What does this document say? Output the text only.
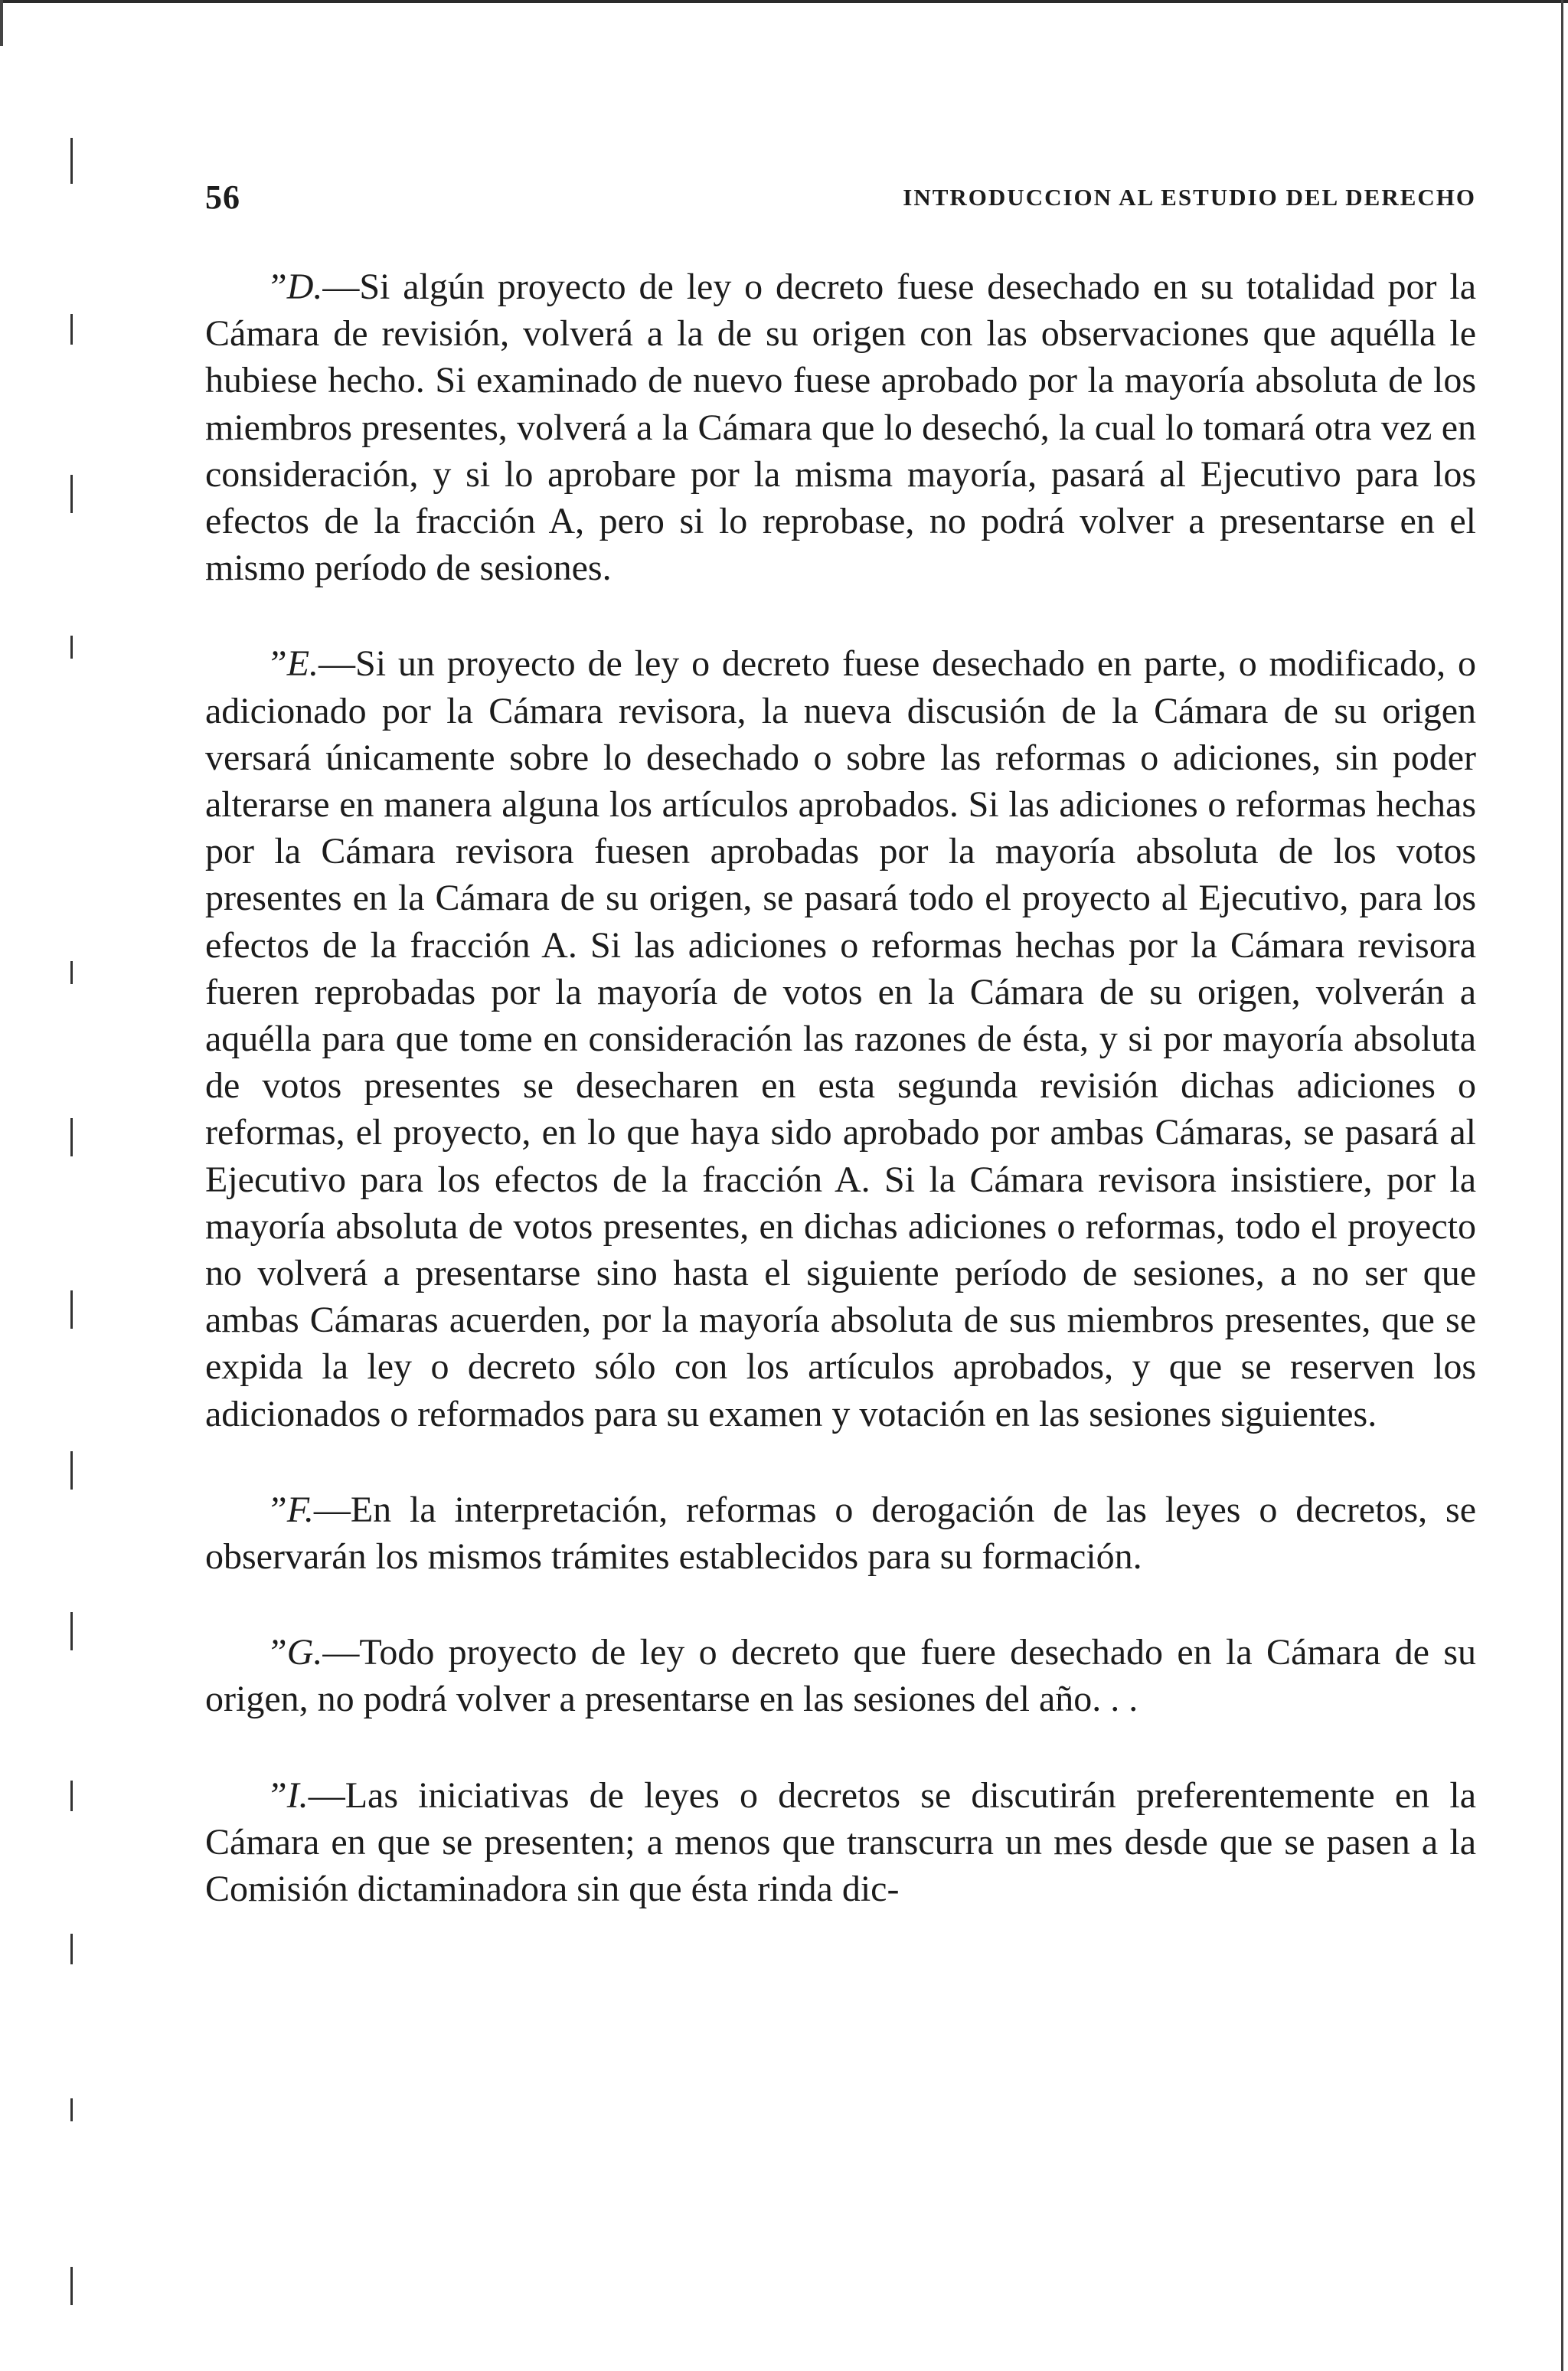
56	INTRODUCCION AL ESTUDIO DEL DERECHO

”D.—Si algún proyecto de ley o decreto fuese desechado en su totalidad por la Cámara de revisión, volverá a la de su origen con las observaciones que aquélla le hubiese hecho. Si examinado de nuevo fuese aprobado por la mayoría absoluta de los miembros presentes, volverá a la Cámara que lo desechó, la cual lo tomará otra vez en consideración, y si lo aprobare por la misma mayoría, pasará al Ejecutivo para los efectos de la fracción A, pero si lo reprobase, no podrá volver a presentarse en el mismo período de sesiones.

”E.—Si un proyecto de ley o decreto fuese desechado en parte, o modificado, o adicionado por la Cámara revisora, la nueva discusión de la Cámara de su origen versará únicamente sobre lo desechado o sobre las reformas o adiciones, sin poder alterarse en manera alguna los artículos aprobados. Si las adiciones o reformas hechas por la Cámara revisora fuesen aprobadas por la mayoría absoluta de los votos presentes en la Cámara de su origen, se pasará todo el proyecto al Ejecutivo, para los efectos de la fracción A. Si las adiciones o reformas hechas por la Cámara revisora fueren reprobadas por la mayoría de votos en la Cámara de su origen, volverán a aquélla para que tome en consideración las razones de ésta, y si por mayoría absoluta de votos presentes se desecharen en esta segunda revisión dichas adiciones o reformas, el proyecto, en lo que haya sido aprobado por ambas Cámaras, se pasará al Ejecutivo para los efectos de la fracción A. Si la Cámara revisora insistiere, por la mayoría absoluta de votos presentes, en dichas adiciones o reformas, todo el proyecto no volverá a presentarse sino hasta el siguiente período de sesiones, a no ser que ambas Cámaras acuerden, por la mayoría absoluta de sus miembros presentes, que se expida la ley o decreto sólo con los artículos aprobados, y que se reserven los adicionados o reformados para su examen y votación en las sesiones siguientes.

”F.—En la interpretación, reformas o derogación de las leyes o decretos, se observarán los mismos trámites establecidos para su formación.

”G.—Todo proyecto de ley o decreto que fuere desechado en la Cámara de su origen, no podrá volver a presentarse en las sesiones del año. . .

”I.—Las iniciativas de leyes o decretos se discutirán preferentemente en la Cámara en que se presenten; a menos que transcurra un mes desde que se pasen a la Comisión dictaminadora sin que ésta rinda dic-
